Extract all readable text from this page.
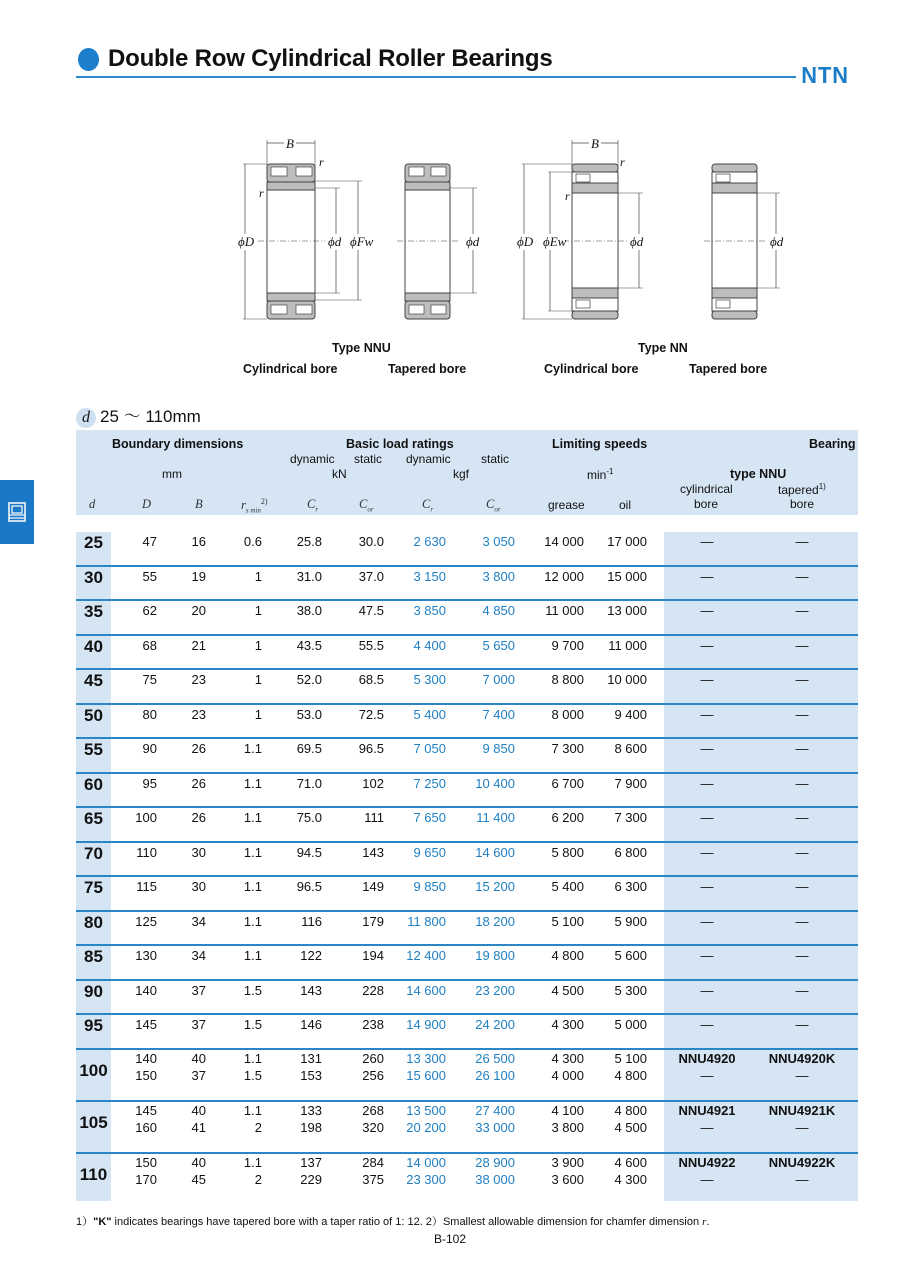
Double Row Cylindrical Roller Bearings
NTN
B
r
r
ϕD	ϕd ϕFw	ϕd
B
r
r
ϕD ϕEw	ϕd	ϕd
Type NNU
Cylindrical bore	Tapered bore
Type NN
Cylindrical bore	Tapered bore
d 25 ～ 110mm
Boundary dimensions
mm
Basic load ratings
dynamic static dynamic	static
kN	kgf
Limiting speeds
$\min^{-1}$
Bearing
type NNU
cylindrical	tapered$^{1)}$
bore	bore
d	D	B	$r_{s min}^{2)}$	$C_r$	$C_{or}$	$C_r$	$C_{or}$	grease	oil
25	47	16	0.6	25.8	30.0	2 630	3 050	14 000	17 000	—	—
30	55	19	1	31.0	37.0	3 150	3 800	12 000	15 000	—	—
35	62	20	1	38.0	47.5	3 850	4 850	11 000	13 000	—	—
40	68	21	1	43.5	55.5	4 400	5 650	9 700	11 000	—	—
45	75	23	1	52.0	68.5	5 300	7 000	8 800	10 000	—	—
50	80	23	1	53.0	72.5	5 400	7 400	8 000	9 400	—	—
55	90	26	1.1	69.5	96.5	7 050	9 850	7 300	8 600	—	—
60	95	26	1.1	71.0	102	7 250	10 400	6 700	7 900	—	—
65	100	26	1.1	75.0	111	7 650	11 400	6 200	7 300	—	—
70	110	30	1.1	94.5	143	9 650	14 600	5 800	6 800	—	—
75	115	30	1.1	96.5	149	9 850	15 200	5 400	6 300	—	—
80	125	34	1.1	116	179	11 800	18 200	5 100	5 900	—	—
85	130	34	1.1	122	194	12 400	19 800	4 800	5 600	—	—
90	140	37	1.5	143	228	14 600	23 200	4 500	5 300	—	—
95	145	37	1.5	146	238	14 900	24 200	4 300	5 000	—	—
100
140	40	1.1	131	260	13 300	26 500	4 300	5 100	NNU4920	NNU4920K
150	37	1.5	153	256	15 600	26 100	4 000	4 800	—	—
105
145	40	1.1	133	268	13 500	27 400	4 100	4 800	NNU4921	NNU4921K
160	41	2	198	320	20 200	33 000	3 800	4 500	—	—
110
150	40	1.1	137	284	14 000	28 900	3 900	4 600	NNU4922	NNU4922K
170	45	2	229	375	23 300	38 000	3 600	4 300	—	—
1）"K" indicates bearings have tapered bore with a taper ratio of 1: 12. 2）Smallest allowable dimension for chamfer dimension r.
B-102
